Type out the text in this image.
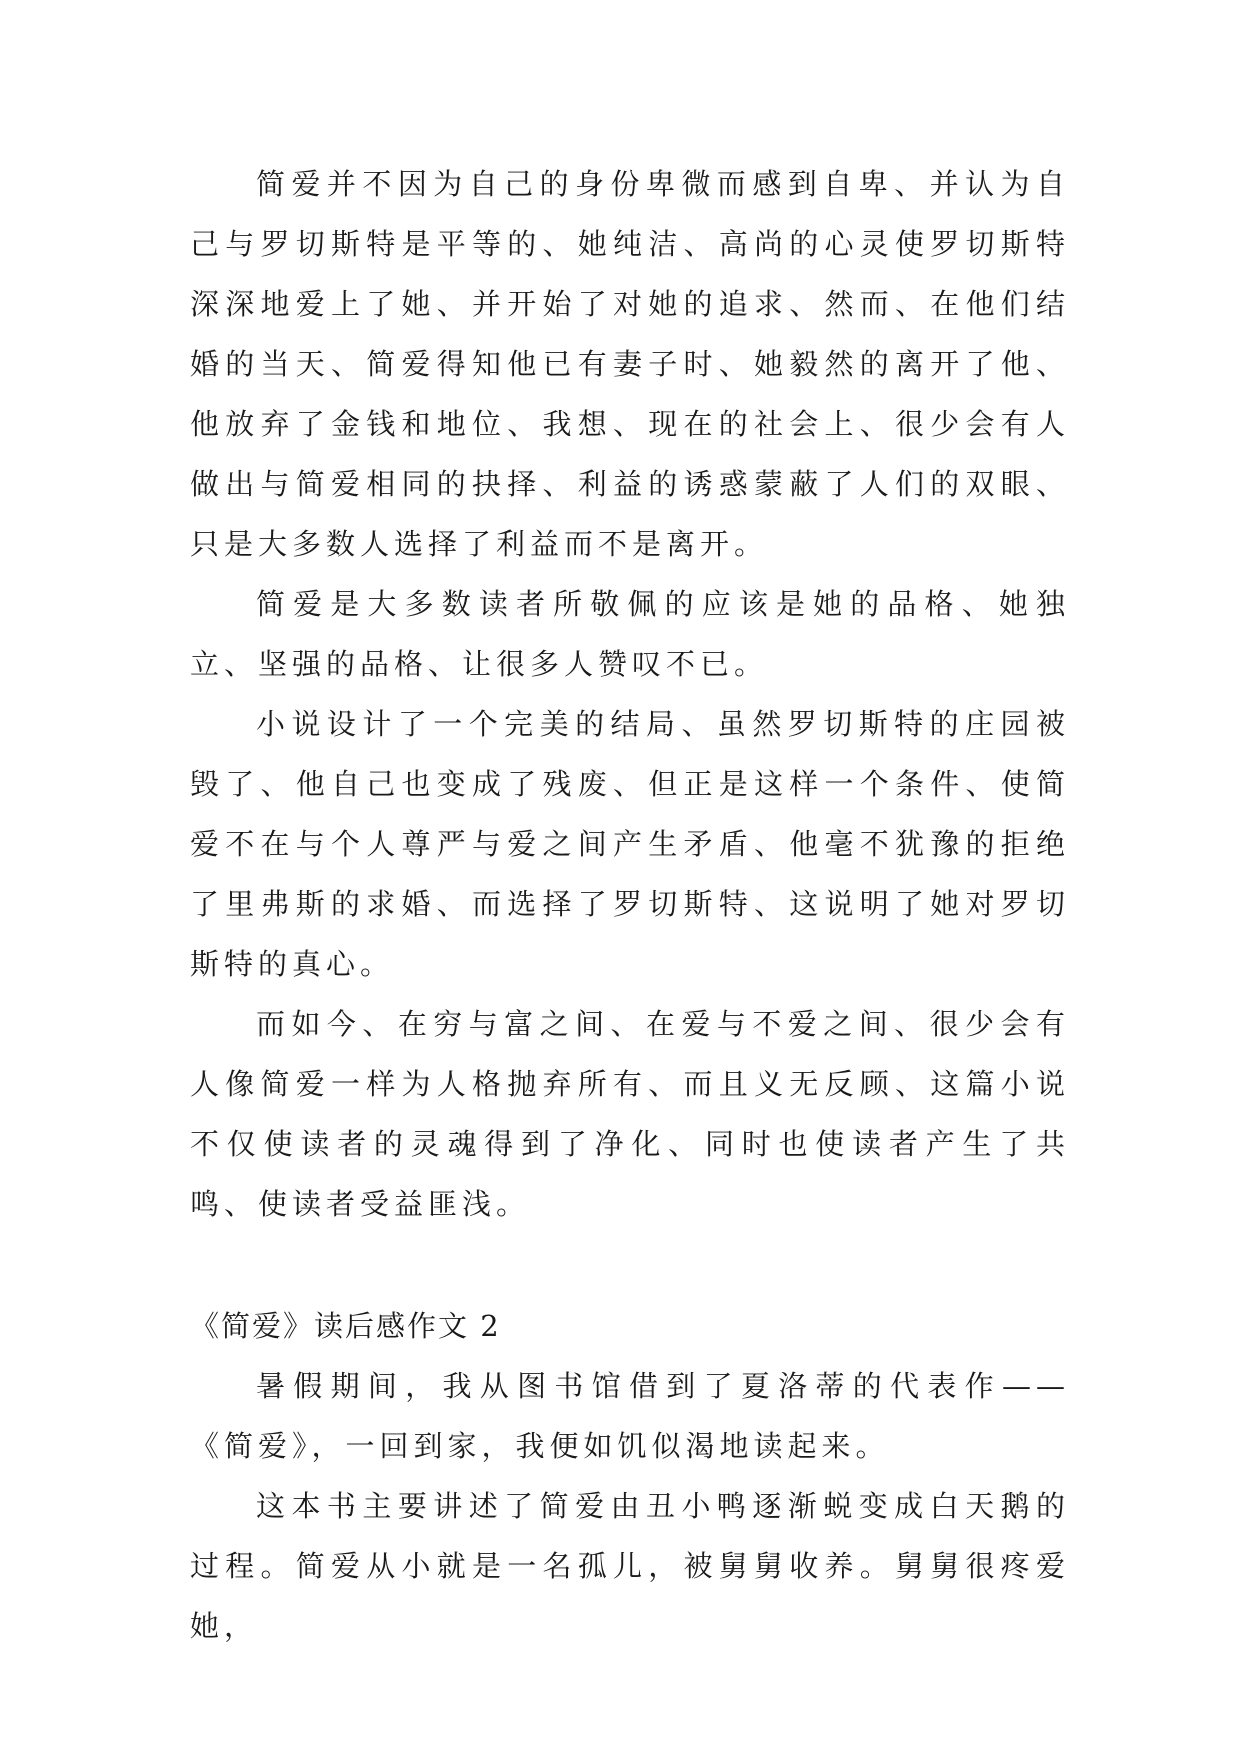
简爱并不因为自己的身份卑微而感到自卑、并认为自己与罗切斯特是平等的、她纯洁、高尚的心灵使罗切斯特深深地爱上了她、并开始了对她的追求、然而、在他们结婚的当天、简爱得知他已有妻子时、她毅然的离开了他、他放弃了金钱和地位、我想、现在的社会上、很少会有人做出与简爱相同的抉择、利益的诱惑蒙蔽了人们的双眼、只是大多数人选择了利益而不是离开。

简爱是大多数读者所敬佩的应该是她的品格、她独立、坚强的品格、让很多人赞叹不已。

小说设计了一个完美的结局、虽然罗切斯特的庄园被毁了、他自己也变成了残废、但正是这样一个条件、使简爱不在与个人尊严与爱之间产生矛盾、他毫不犹豫的拒绝了里弗斯的求婚、而选择了罗切斯特、这说明了她对罗切斯特的真心。

而如今、在穷与富之间、在爱与不爱之间、很少会有人像简爱一样为人格抛弃所有、而且义无反顾、这篇小说不仅使读者的灵魂得到了净化、同时也使读者产生了共鸣、使读者受益匪浅。

《简爱》读后感作文 2

暑假期间，我从图书馆借到了夏洛蒂的代表作——《简爱》，一回到家，我便如饥似渴地读起来。

这本书主要讲述了简爱由丑小鸭逐渐蜕变成白天鹅的过程。简爱从小就是一名孤儿，被舅舅收养。舅舅很疼爱她，
